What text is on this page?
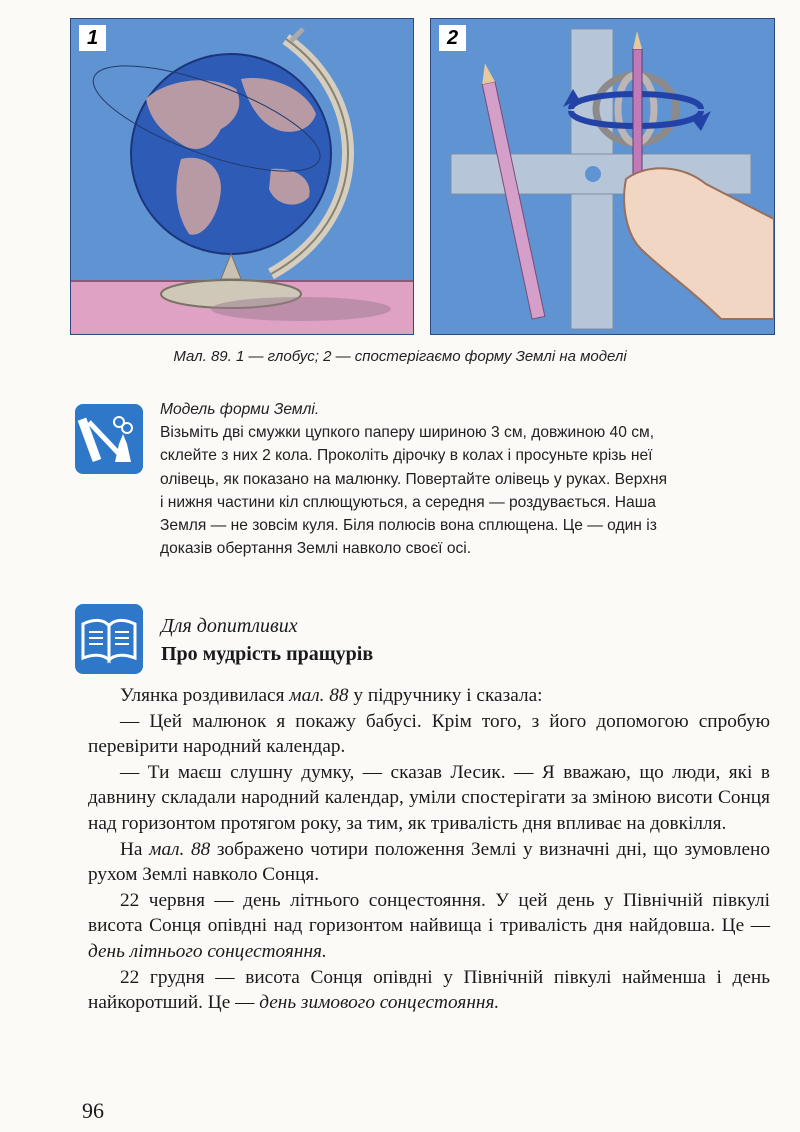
1	2
Мал. 89. 1 — глобус; 2 — спостерігаємо форму Землі на моделі
Модель форми Землі.
Візьміть дві смужки цупкого паперу шириною 3 см, довжиною 40 см,
склейте з них 2 кола. Проколіть дірочку в колах і просуньте крізь неї
олівець, як показано на малюнку. Повертайте олівець у руках. Верхня
і нижня частини кіл сплющуються, а середня — роздувається. Наша
Земля — не зовсім куля. Біля полюсів вона сплющена. Це — один із
доказів обертання Землі навколо своєї осі.
Для допитливих
Про мудрість пращурів

Улянка роздивилася мал. 88 у підручнику і сказала:

— Цей малюнок я покажу бабусі. Крім того, з його допомогою спробую перевірити народний календар.

— Ти маєш слушну думку, — сказав Лесик. — Я вважаю, що люди, які в давнину складали народний календар, уміли спостерігати за зміною висоти Сонця над горизонтом протягом року, за тим, як тривалість дня впливає на довкілля.

На мал. 88 зображено чотири положення Землі у визначні дні, що зумовлено рухом Землі навколо Сонця.

22 червня — день літнього сонцестояння. У цей день у Північній півкулі висота Сонця опівдні над горизонтом найвища і тривалість дня найдовша. Це — день літнього сонцестояння.

22 грудня — висота Сонця опівдні у Північній півкулі найменша і день найкоротший. Це — день зимового сонцестояння.

96
